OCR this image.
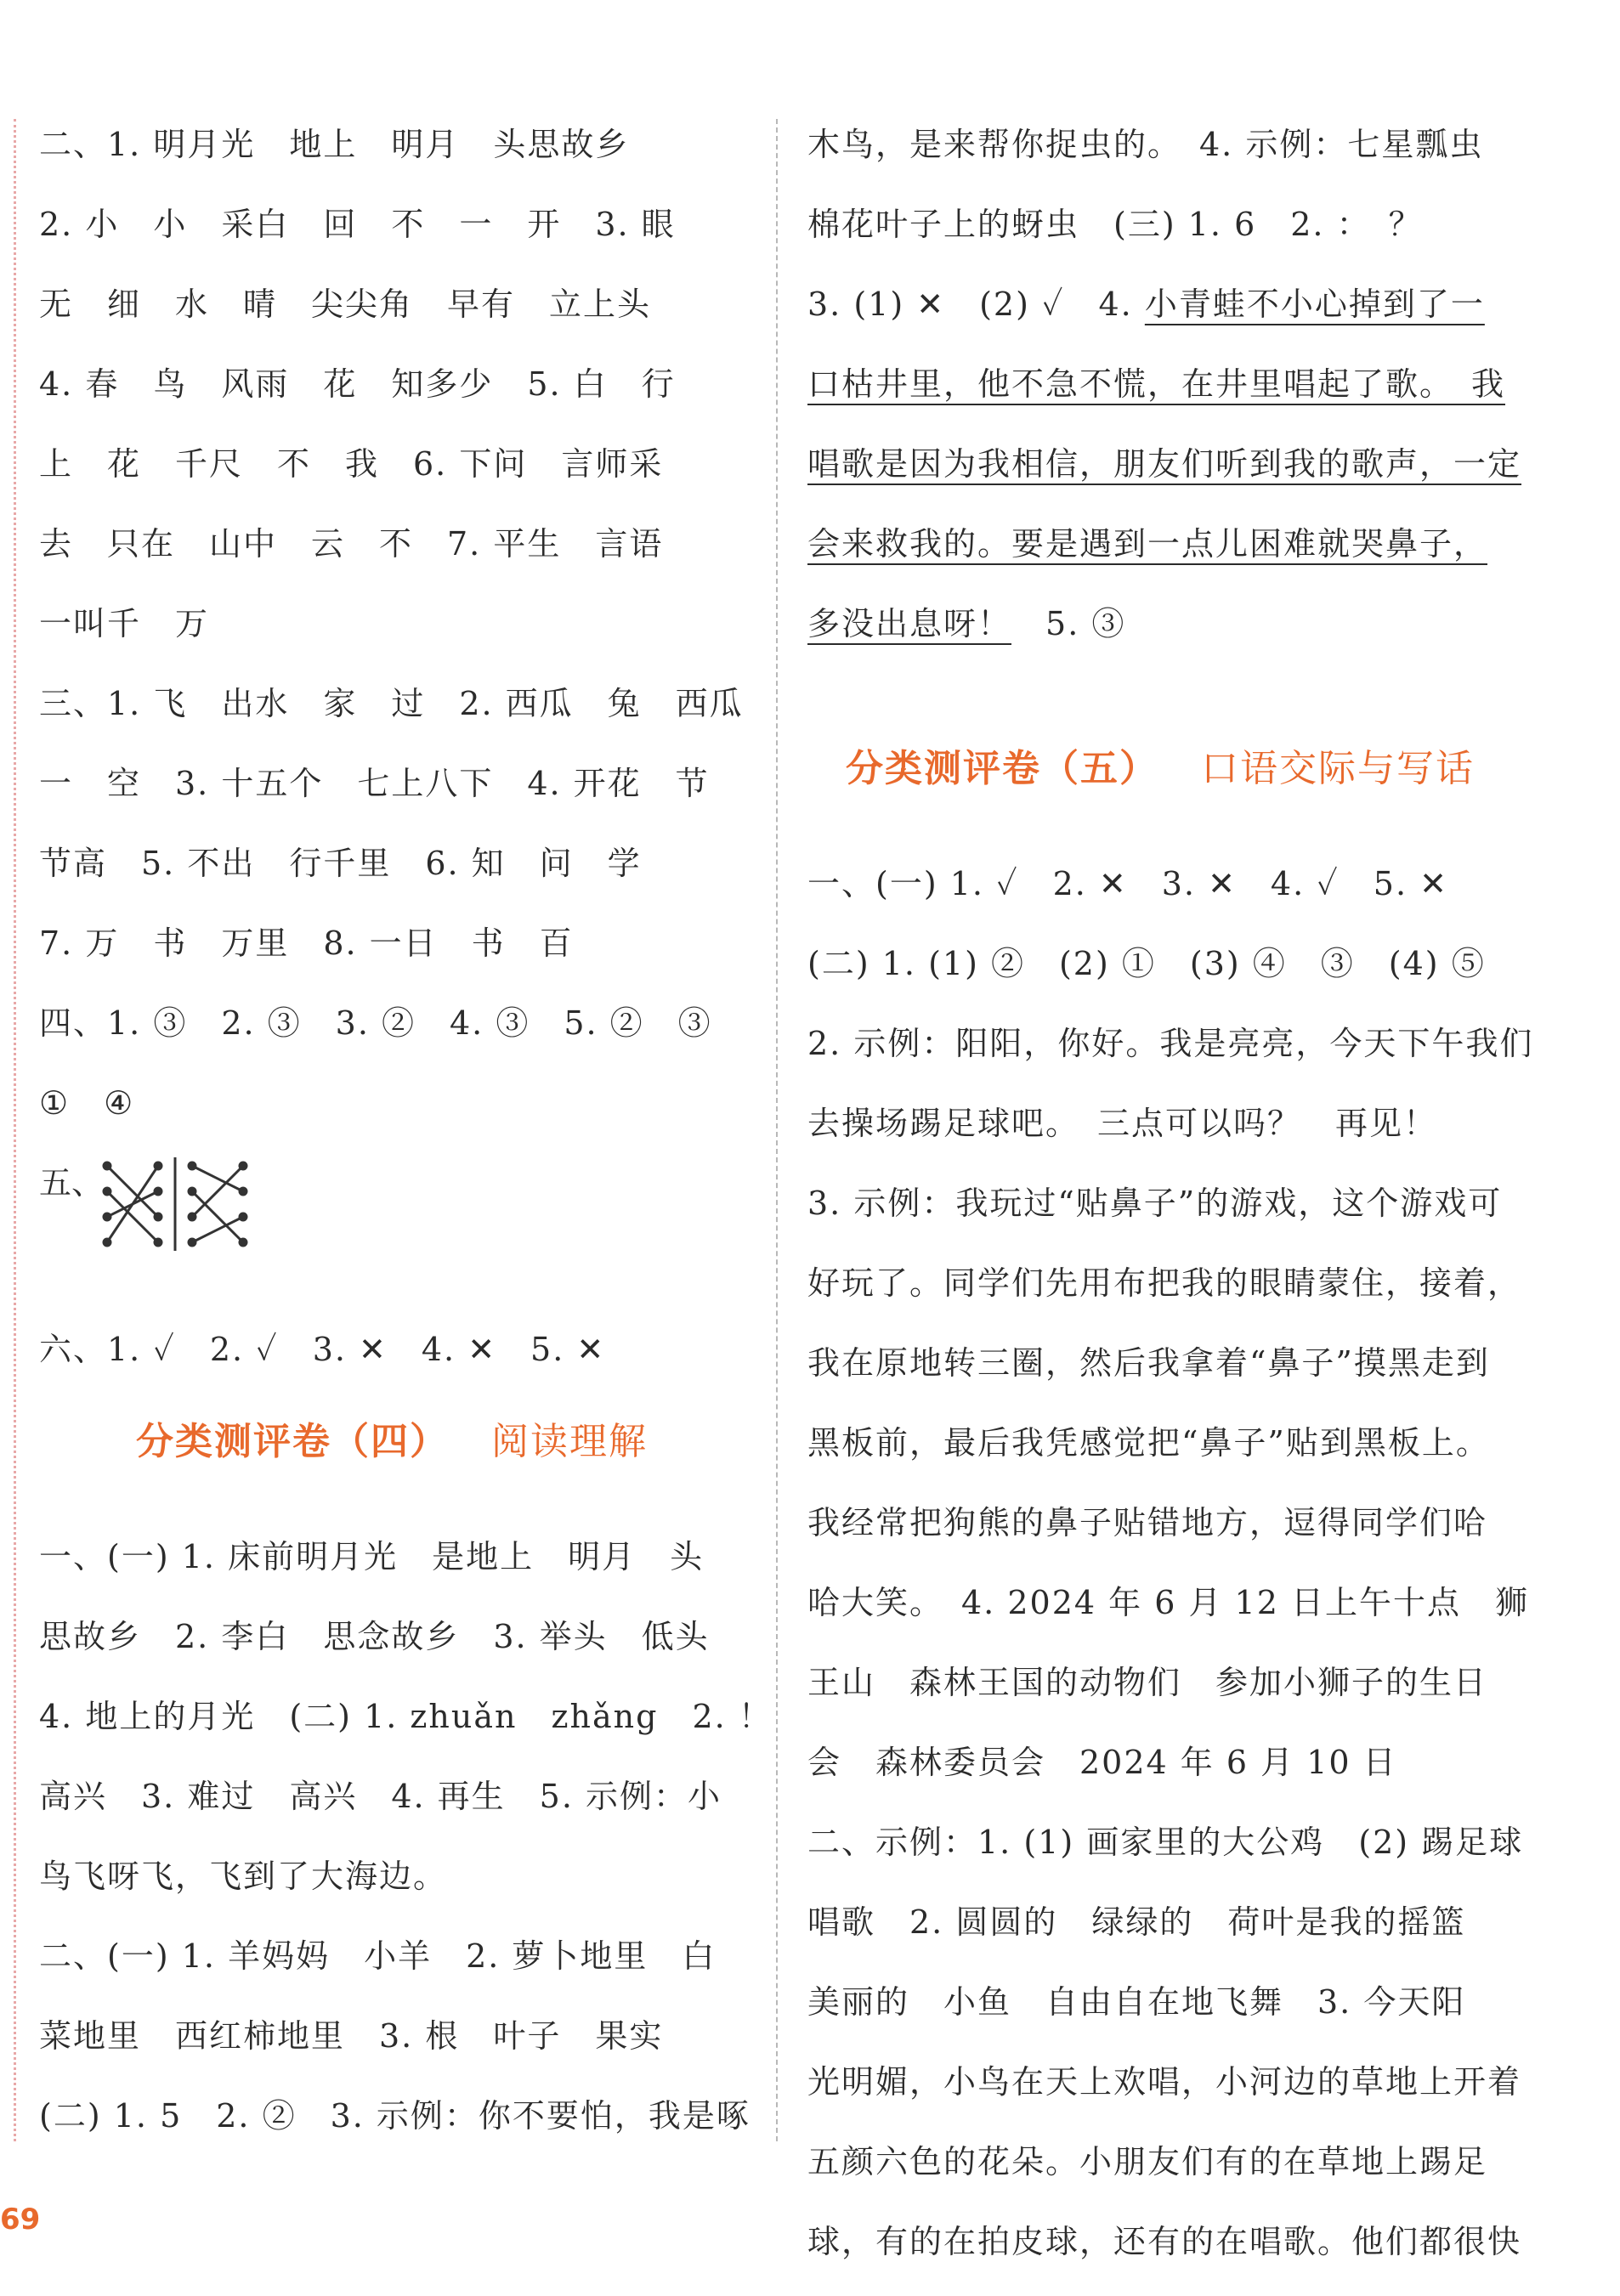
二、1. 明月光　地上　明月　头思故乡
2. 小　小　采白　回　不　一　开　3. 眼
无　细　水　晴　尖尖角　早有　立上头
4. 春　鸟　风雨　花　知多少　5. 白　行
上　花　千尺　不　我　6. 下问　言师采
去　只在　山中　云　不　7. 平生　言语
一叫千　万
三、1. 飞　出水　家　过　2. 西瓜　兔　西瓜
一　空　3. 十五个　七上八下　4. 开花　节
节高　5. 不出　行千里　6. 知　问　学
7. 万　书　万里　8. 一日　书　百
四、1. ③　2. ③　3. ②　4. ③　5. ②　③
①　④
五、
六、1. ✓　2. ✓　3. ✕　4. ✕　5. ✕
分类测评卷（四） 阅读理解
一、(一) 1. 床前明月光　是地上　明月　头
思故乡　2. 李白　思念故乡　3. 举头　低头
4. 地上的月光　(二) 1. zhuǎn　zhǎng　2. ！
高兴　3. 难过　高兴　4. 再生　5. 示例：小
鸟飞呀飞，飞到了大海边。
二、(一) 1. 羊妈妈　小羊　2. 萝卜地里　白
菜地里　西红柿地里　3. 根　叶子　果实
(二) 1. 5　2. ②　3. 示例：你不要怕，我是啄
木鸟，是来帮你捉虫的。　4. 示例：七星瓢虫
棉花叶子上的蚜虫　(三) 1. 6　2. ：　？
3. (1) ✕　(2) ✓　4. 小青蛙不小心掉到了一
口枯井里，他不急不慌，在井里唱起了歌。　我
唱歌是因为我相信，朋友们听到我的歌声，一定
会来救我的。要是遇到一点儿困难就哭鼻子，
多没出息呀！　5. ③
分类测评卷（五） 口语交际与写话
一、(一) 1. ✓　2. ✕　3. ✕　4. ✓　5. ✕
(二) 1. (1) ②　(2) ①　(3) ④　③　(4) ⑤
2. 示例：阳阳，你好。我是亮亮，今天下午我们
去操场踢足球吧。　三点可以吗？　再见！
3. 示例：我玩过“贴鼻子”的游戏，这个游戏可
好玩了。同学们先用布把我的眼睛蒙住，接着，
我在原地转三圈，然后我拿着“鼻子”摸黑走到
黑板前，最后我凭感觉把“鼻子”贴到黑板上。
我经常把狗熊的鼻子贴错地方，逗得同学们哈
哈大笑。　4. 2024 年 6 月 12 日上午十点　狮
王山　森林王国的动物们　参加小狮子的生日
会　森林委员会　2024 年 6 月 10 日
二、示例：1. (1) 画家里的大公鸡　(2) 踢足球
唱歌　2. 圆圆的　绿绿的　荷叶是我的摇篮
美丽的　小鱼　自由自在地飞舞　3. 今天阳
光明媚，小鸟在天上欢唱，小河边的草地上开着
五颜六色的花朵。小朋友们有的在草地上踢足
球，有的在拍皮球，还有的在唱歌。他们都很快
69
